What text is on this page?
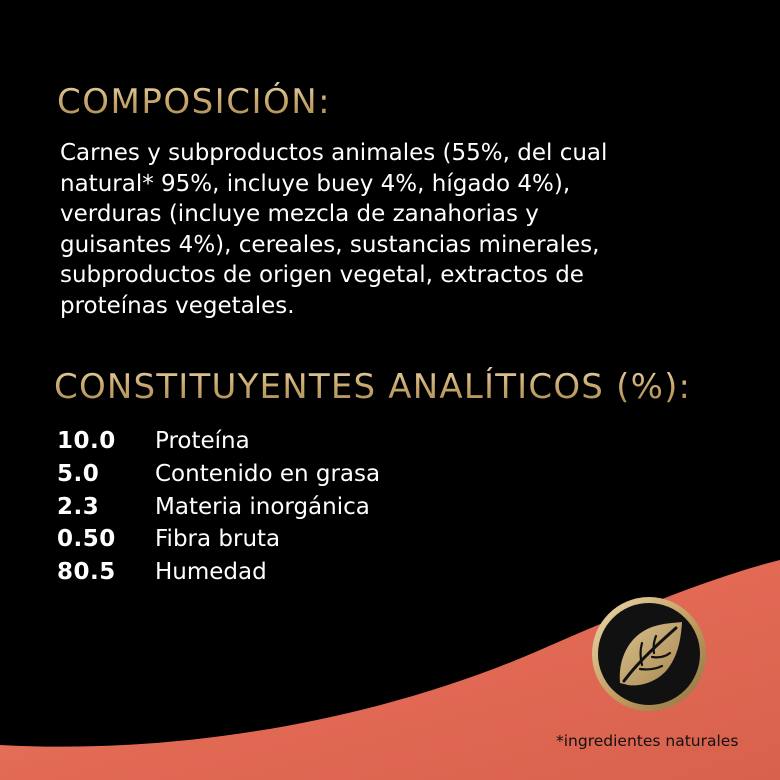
COMPOSICIÓN:
Carnes y subproductos animales (55%, del cual
natural* 95%, incluye buey 4%, hígado 4%),
verduras (incluye mezcla de zanahorias y
guisantes 4%), cereales, sustancias minerales,
subproductos de origen vegetal, extractos de
proteínas vegetales.
CONSTITUYENTES ANALÍTICOS (%):
10.0	Proteína
5.0	Contenido en grasa
2.3	Materia inorgánica
0.50	Fibra bruta
80.5	Humedad
*ingredientes naturales
